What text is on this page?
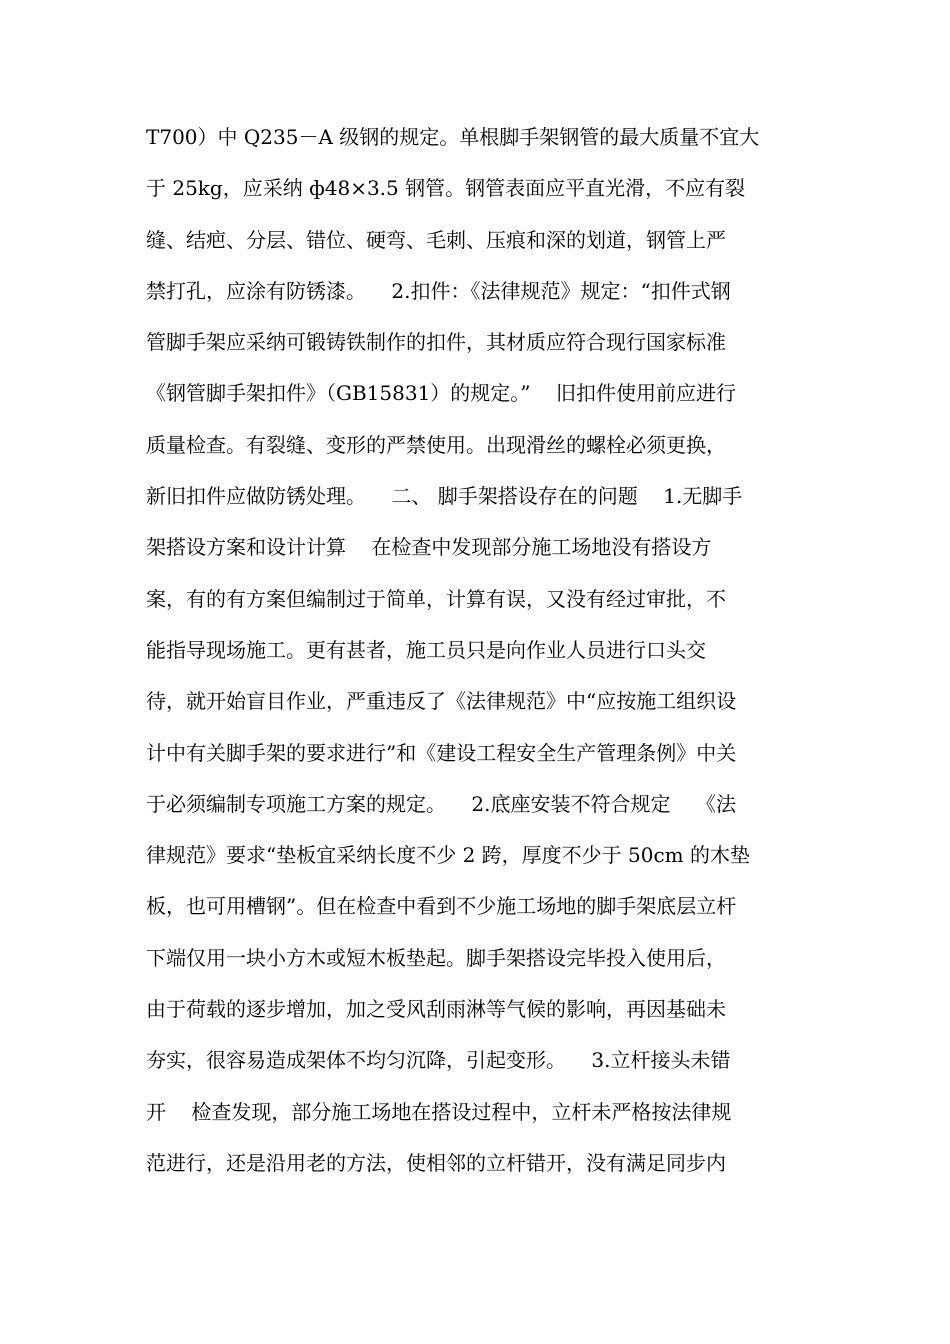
T700）中 Q235－A 级钢的规定。单根脚手架钢管的最大质量不宜大
于 25kg，应采纳 ф48×3.5 钢管。钢管表面应平直光滑，不应有裂
缝、结疤、分层、错位、硬弯、毛刺、压痕和深的划道，钢管上严
禁打孔，应涂有防锈漆。    2.扣件：《法律规范》规定：“扣件式钢
管脚手架应采纳可锻铸铁制作的扣件，其材质应符合现行国家标准
《钢管脚手架扣件》（GB15831）的规定。”    旧扣件使用前应进行
质量检查。有裂缝、变形的严禁使用。出现滑丝的螺栓必须更换，
新旧扣件应做防锈处理。    二、 脚手架搭设存在的问题    1.无脚手
架搭设方案和设计计算    在检查中发现部分施工场地没有搭设方
案，有的有方案但编制过于简单，计算有误，又没有经过审批，不
能指导现场施工。更有甚者，施工员只是向作业人员进行口头交
待，就开始盲目作业，严重违反了《法律规范》中“应按施工组织设
计中有关脚手架的要求进行”和《建设工程安全生产管理条例》中关
于必须编制专项施工方案的规定。    2.底座安装不符合规定    《法
律规范》要求“垫板宜采纳长度不少 2 跨，厚度不少于 50cm 的木垫
板，也可用槽钢”。但在检查中看到不少施工场地的脚手架底层立杆
下端仅用一块小方木或短木板垫起。脚手架搭设完毕投入使用后，
由于荷载的逐步增加，加之受风刮雨淋等气候的影响，再因基础未
夯实，很容易造成架体不均匀沉降，引起变形。    3.立杆接头未错
开    检查发现，部分施工场地在搭设过程中，立杆未严格按法律规
范进行，还是沿用老的方法，使相邻的立杆错开，没有满足同步内
